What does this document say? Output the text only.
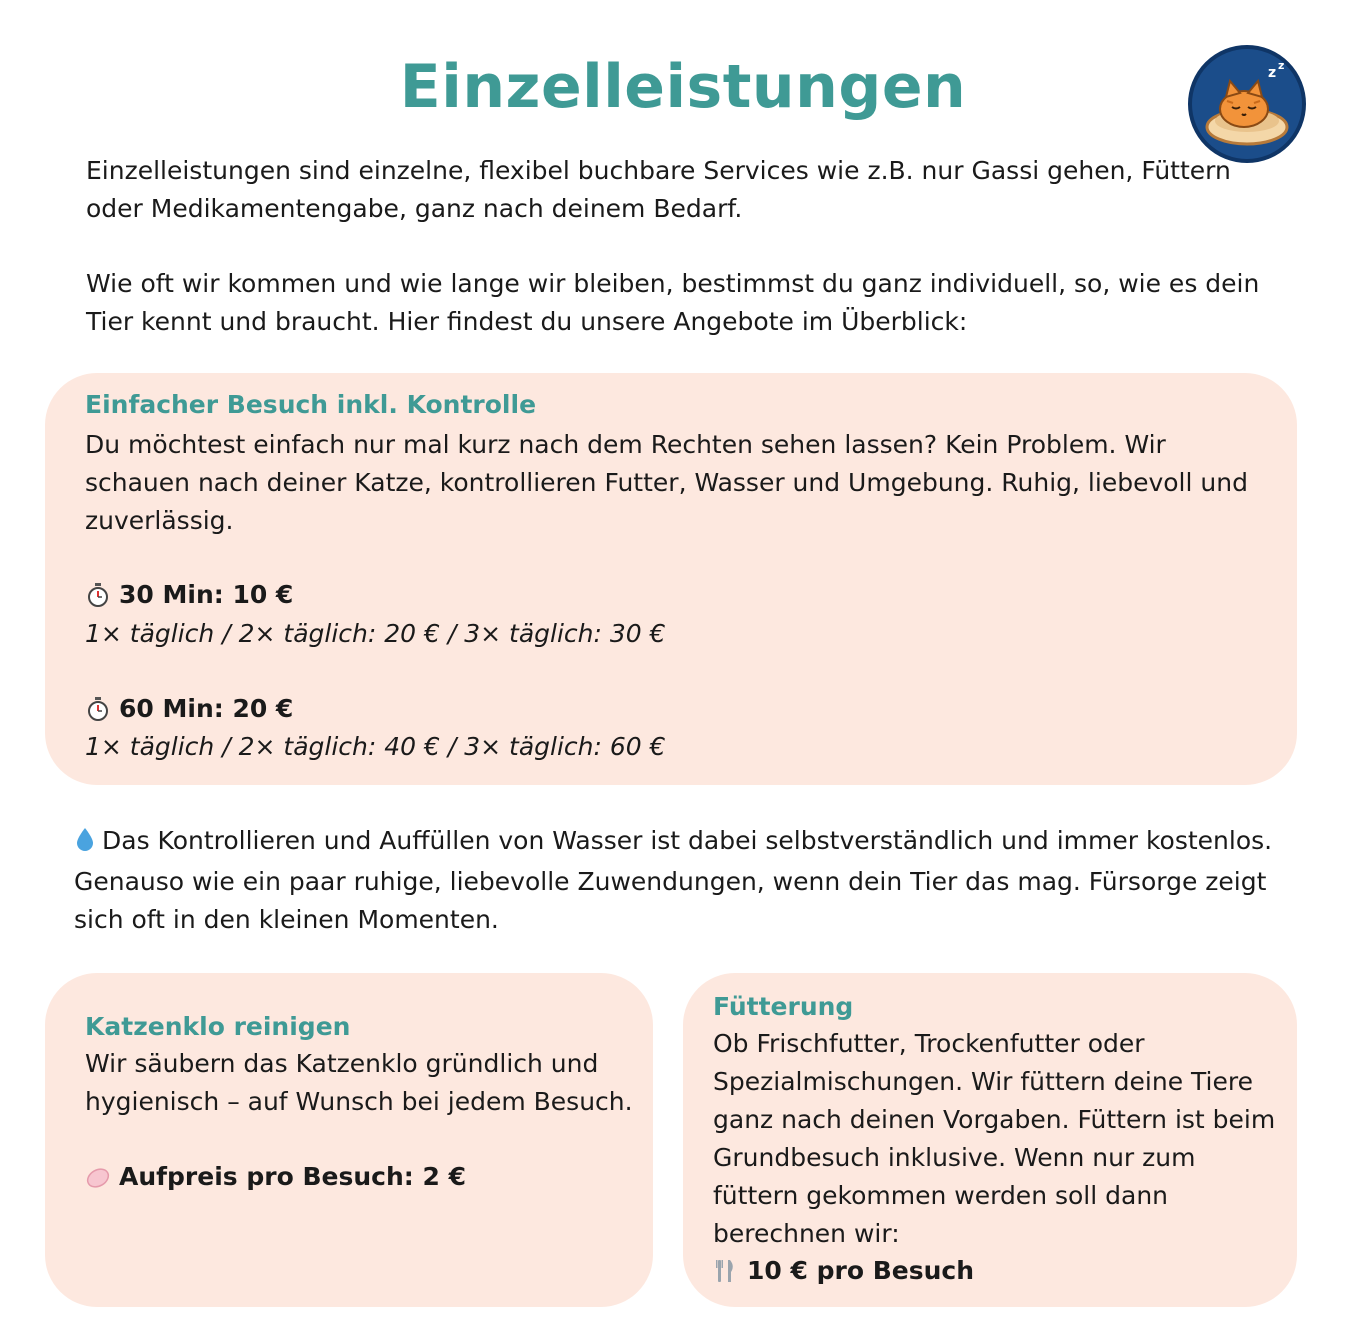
Einzelleistungen	z z z

Einzelleistungen sind einzelne, flexibel buchbare Services wie z.B. nur Gassi gehen, Füttern oder Medikamentengabe, ganz nach deinem Bedarf.

Wie oft wir kommen und wie lange wir bleiben, bestimmst du ganz individuell, so, wie es dein Tier kennt und braucht. Hier findest du unsere Angebote im Überblick:

Einfacher Besuch inkl. Kontrolle

Du möchtest einfach nur mal kurz nach dem Rechten sehen lassen? Kein Problem. Wir schauen nach deiner Katze, kontrollieren Futter, Wasser und Umgebung. Ruhig, liebevoll und zuverlässig.

30 Min: 10 €

1× täglich / 2× täglich: 20 € / 3× täglich: 30 €

60 Min: 20 €

1× täglich / 2× täglich: 40 € / 3× täglich: 60 €

Das Kontrollieren und Auffüllen von Wasser ist dabei selbstverständlich und immer kostenlos. Genauso wie ein paar ruhige, liebevolle Zuwendungen, wenn dein Tier das mag. Fürsorge zeigt sich oft in den kleinen Momenten.

Katzenklo reinigen

Wir säubern das Katzenklo gründlich und hygienisch – auf Wunsch bei jedem Besuch.

Aufpreis pro Besuch: 2 €
Fütterung

Ob Frischfutter, Trockenfutter oder Spezialmischungen. Wir füttern deine Tiere ganz nach deinen Vorgaben. Füttern ist beim Grundbesuch inklusive. Wenn nur zum füttern gekommen werden soll dann berechnen wir:

10 € pro Besuch
